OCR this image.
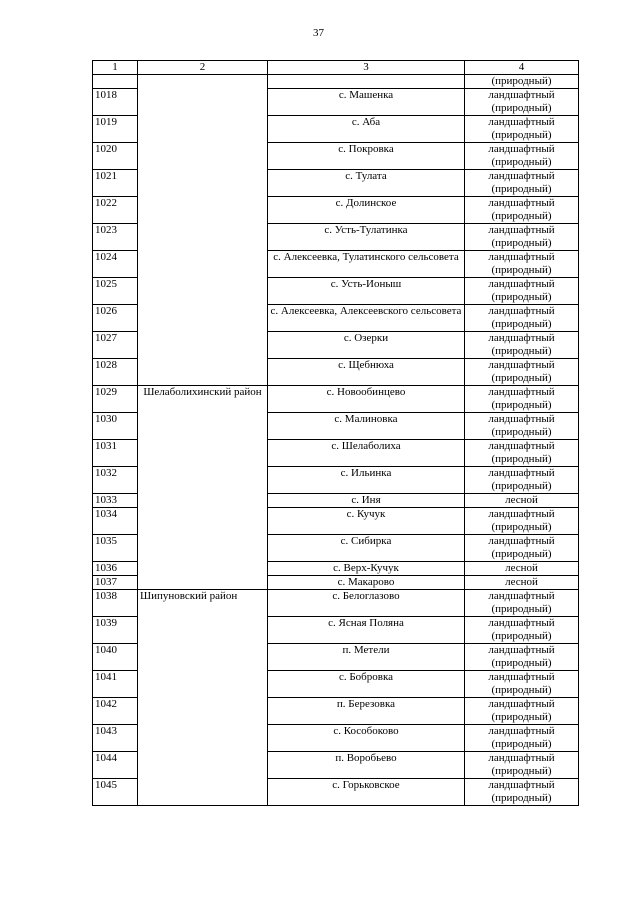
37
1	2	3	4
			(природный)
1018		с. Машенка	ландшафтный (природный)
1019		с. Аба	ландшафтный (природный)
1020		с. Покровка	ландшафтный (природный)
1021		с. Тулата	ландшафтный (природный)
1022		с. Долинское	ландшафтный (природный)
1023		с. Усть-Тулатинка	ландшафтный (природный)
1024		с. Алексеевка, Тулатинского сельсовета	ландшафтный (природный)
1025		с. Усть-Ионыш	ландшафтный (природный)
1026		с. Алексеевка, Алексеевского сельсовета	ландшафтный (природный)
1027		с. Озерки	ландшафтный (природный)
1028		с. Щебнюха	ландшафтный (природный)
1029	Шелаболихинский район	с. Новообинцево	ландшафтный (природный)
1030		с. Малиновка	ландшафтный (природный)
1031		с. Шелаболиха	ландшафтный (природный)
1032		с. Ильинка	ландшафтный (природный)
1033		с. Иня	лесной
1034		с. Кучук	ландшафтный (природный)
1035		с. Сибирка	ландшафтный (природный)
1036		с. Верх-Кучук	лесной
1037		с. Макарово	лесной
1038	Шипуновский район	с. Белоглазово	ландшафтный (природный)
1039		с. Ясная Поляна	ландшафтный (природный)
1040		п. Метели	ландшафтный (природный)
1041		с. Бобровка	ландшафтный (природный)
1042		п. Березовка	ландшафтный (природный)
1043		с. Кособоково	ландшафтный (природный)
1044		п. Воробьево	ландшафтный (природный)
1045		с. Горьковское	ландшафтный (природный)
